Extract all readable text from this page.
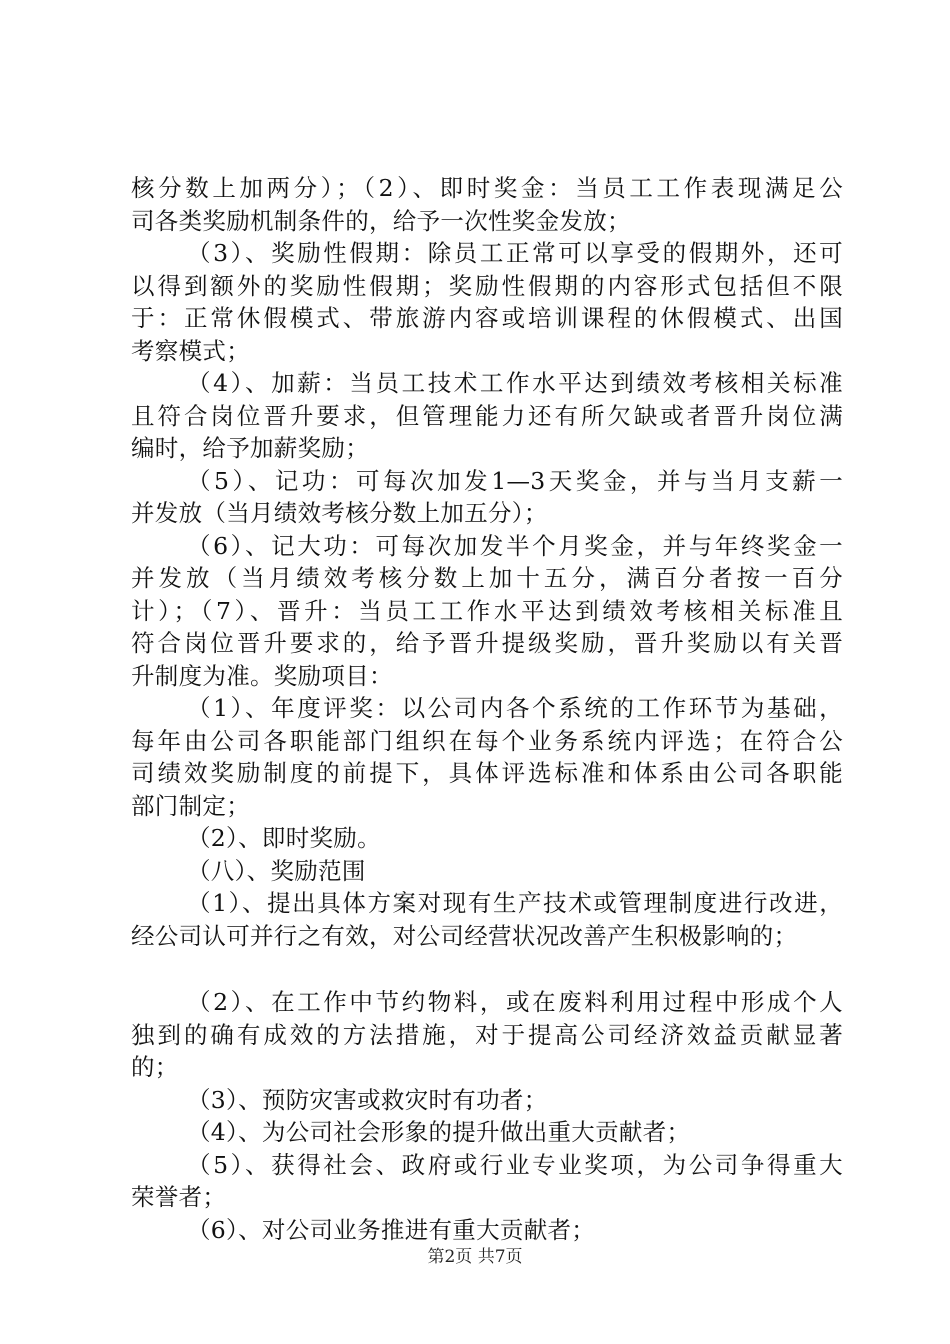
核分数上加两分）；（2）、即时奖金：当员工工作表现满足公
司各类奖励机制条件的，给予一次性奖金发放；
（3）、奖励性假期：除员工正常可以享受的假期外，还可
以得到额外的奖励性假期；奖励性假期的内容形式包括但不限
于：正常休假模式、带旅游内容或培训课程的休假模式、出国
考察模式；
（4）、加薪：当员工技术工作水平达到绩效考核相关标准
且符合岗位晋升要求，但管理能力还有所欠缺或者晋升岗位满
编时，给予加薪奖励；
（5）、记功：可每次加发1—3天奖金，并与当月支薪一
并发放（当月绩效考核分数上加五分）；
（6）、记大功：可每次加发半个月奖金，并与年终奖金一
并发放（当月绩效考核分数上加十五分，满百分者按一百分
计）；（7）、晋升：当员工工作水平达到绩效考核相关标准且
符合岗位晋升要求的，给予晋升提级奖励，晋升奖励以有关晋
升制度为准。奖励项目：
（1）、年度评奖：以公司内各个系统的工作环节为基础，
每年由公司各职能部门组织在每个业务系统内评选；在符合公
司绩效奖励制度的前提下，具体评选标准和体系由公司各职能
部门制定；
（2）、即时奖励。
（八）、奖励范围
（1）、提出具体方案对现有生产技术或管理制度进行改进，
经公司认可并行之有效，对公司经营状况改善产生积极影响的；
（2）、在工作中节约物料，或在废料利用过程中形成个人
独到的确有成效的方法措施，对于提高公司经济效益贡献显著
的；
（3）、预防灾害或救灾时有功者；
（4）、为公司社会形象的提升做出重大贡献者；
（5）、获得社会、政府或行业专业奖项，为公司争得重大
荣誉者；
（6）、对公司业务推进有重大贡献者；
第2页 共7页
